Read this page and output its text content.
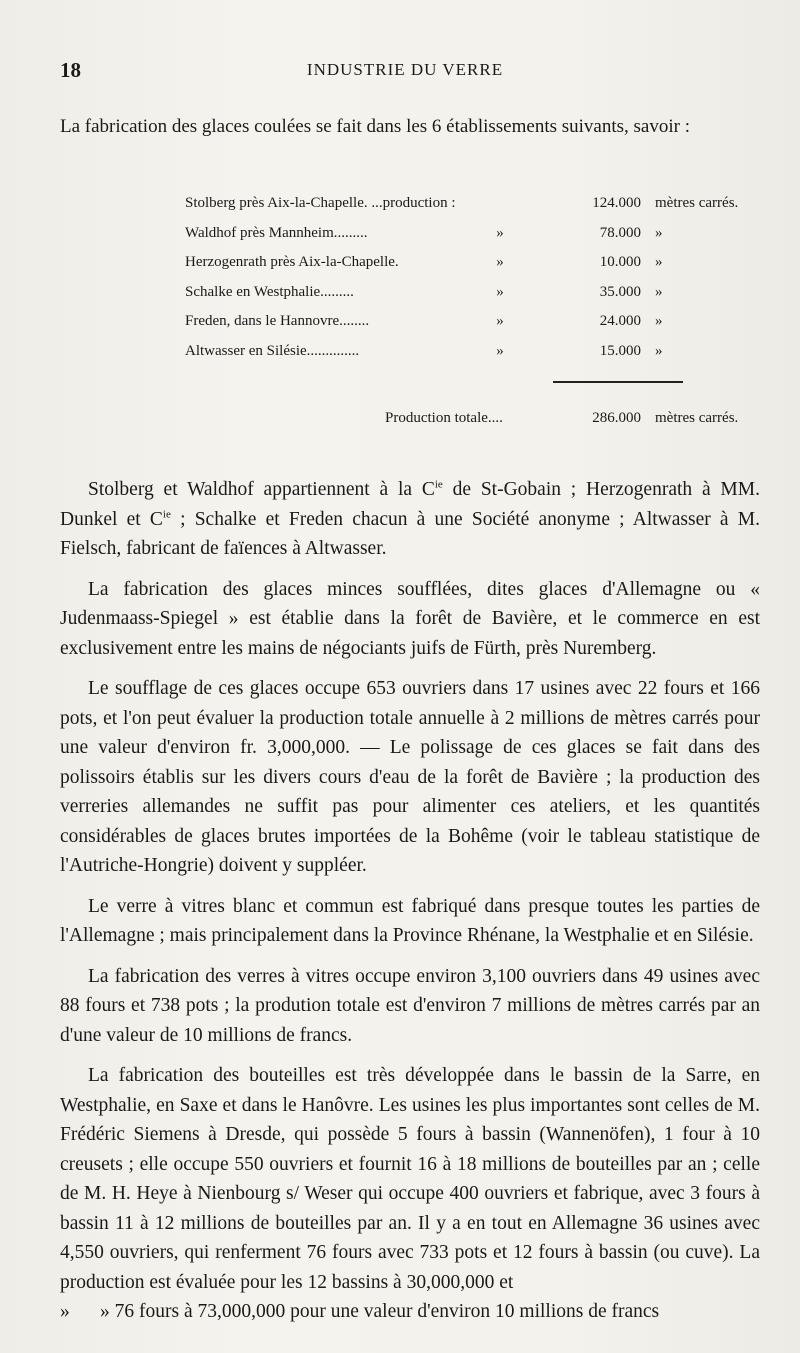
18	INDUSTRIE DU VERRE
La fabrication des glaces coulées se fait dans les 6 établissements suivants, savoir :
Stolberg près Aix-la-Chapelle. ...production :	124.000 mètres carrés.
Waldhof près Mannheim.........	»	78.000 »
Herzogenrath près Aix-la-Chapelle.	»	10.000 »
Schalke en Westphalie.........	»	35.000 »
Freden, dans le Hannovre........	»	24.000 »
Altwasser en Silésie..............	»	15.000 »
Production totale....	286.000 mètres carrés.

Stolberg et Waldhof appartiennent à la $C^{ie}$ de St-Gobain ; Herzogenrath à MM. Dunkel et $C^{ie}$ ; Schalke et Freden chacun à une Société anonyme ; Altwasser à M. Fielsch, fabricant de faïences à Altwasser.

La fabrication des glaces minces soufflées, dites glaces d'Allemagne ou « Judenmaass-Spiegel » est établie dans la forêt de Bavière, et le commerce en est exclusivement entre les mains de négociants juifs de Fürth, près Nuremberg.

Le soufflage de ces glaces occupe 653 ouvriers dans 17 usines avec 22 fours et 166 pots, et l'on peut évaluer la production totale annuelle à 2 millions de mètres carrés pour une valeur d'environ fr. 3,000,000. — Le polissage de ces glaces se fait dans des polissoirs établis sur les divers cours d'eau de la forêt de Bavière ; la production des verreries allemandes ne suffit pas pour alimenter ces ateliers, et les quantités considérables de glaces brutes importées de la Bohême (voir le tableau statistique de l'Autriche-Hongrie) doivent y suppléer.

Le verre à vitres blanc et commun est fabriqué dans presque toutes les parties de l'Allemagne ; mais principalement dans la Province Rhénane, la Westphalie et en Silésie.

La fabrication des verres à vitres occupe environ 3,100 ouvriers dans 49 usines avec 88 fours et 738 pots ; la prodution totale est d'environ 7 millions de mètres carrés par an d'une valeur de 10 millions de francs.

La fabrication des bouteilles est très développée dans le bassin de la Sarre, en Westphalie, en Saxe et dans le Hanôvre. Les usines les plus importantes sont celles de M. Frédéric Siemens à Dresde, qui possède 5 fours à bassin (Wannenöfen), 1 four à 10 creusets ; elle occupe 550 ouvriers et fournit 16 à 18 millions de bouteilles par an ; celle de M. H. Heye à Nienbourg s/ Weser qui occupe 400 ouvriers et fabrique, avec 3 fours à bassin 11 à 12 millions de bouteilles par an. Il y a en tout en Allemagne 36 usines avec 4,550 ouvriers, qui renferment 76 fours avec 733 pots et 12 fours à bassin (ou cuve). La production est évaluée pour les 12 bassins à 30,000,000 et

» » 76 fours à 73,000,000 pour une valeur d'environ 10 millions de francs
